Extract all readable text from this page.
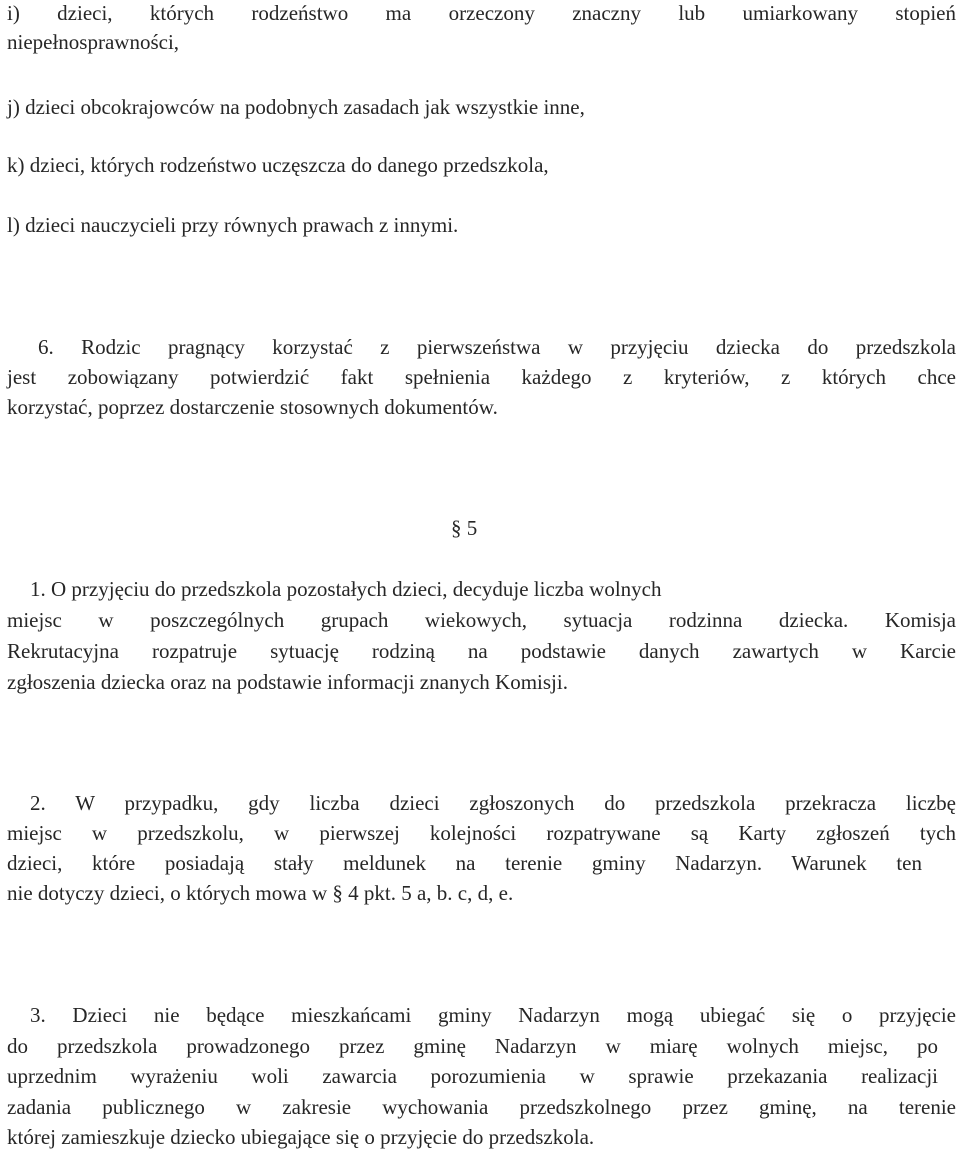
i) dzieci, których rodzeństwo ma orzeczony znaczny lub umiarkowany stopień
niepełnosprawności,
j) dzieci obcokrajowców na podobnych zasadach jak wszystkie inne,
k) dzieci, których rodzeństwo uczęszcza do danego przedszkola,
l) dzieci nauczycieli przy równych prawach z innymi.
6. Rodzic pragnący korzystać z pierwszeństwa w przyjęciu dziecka do przedszkola
jest zobowiązany potwierdzić fakt spełnienia każdego z kryteriów, z których chce
korzystać, poprzez dostarczenie stosownych dokumentów.
§ 5
1. O przyjęciu do przedszkola pozostałych dzieci, decyduje liczba wolnych
miejsc w poszczególnych grupach wiekowych, sytuacja rodzinna dziecka. Komisja
Rekrutacyjna rozpatruje sytuację rodziną na podstawie danych zawartych w Karcie
zgłoszenia dziecka oraz na podstawie informacji znanych Komisji.
2. W przypadku, gdy liczba dzieci zgłoszonych do przedszkola przekracza liczbę
miejsc w przedszkolu, w pierwszej kolejności rozpatrywane są Karty zgłoszeń tych
dzieci, które posiadają stały meldunek na terenie gminy Nadarzyn. Warunek ten
nie dotyczy dzieci, o których mowa w § 4 pkt. 5 a, b. c, d, e.
3. Dzieci nie będące mieszkańcami gminy Nadarzyn mogą ubiegać się o przyjęcie
do przedszkola prowadzonego przez gminę Nadarzyn w miarę wolnych miejsc, po
uprzednim wyrażeniu woli zawarcia porozumienia w sprawie przekazania realizacji
zadania publicznego w zakresie wychowania przedszkolnego przez gminę, na terenie
której zamieszkuje dziecko ubiegające się o przyjęcie do przedszkola.
